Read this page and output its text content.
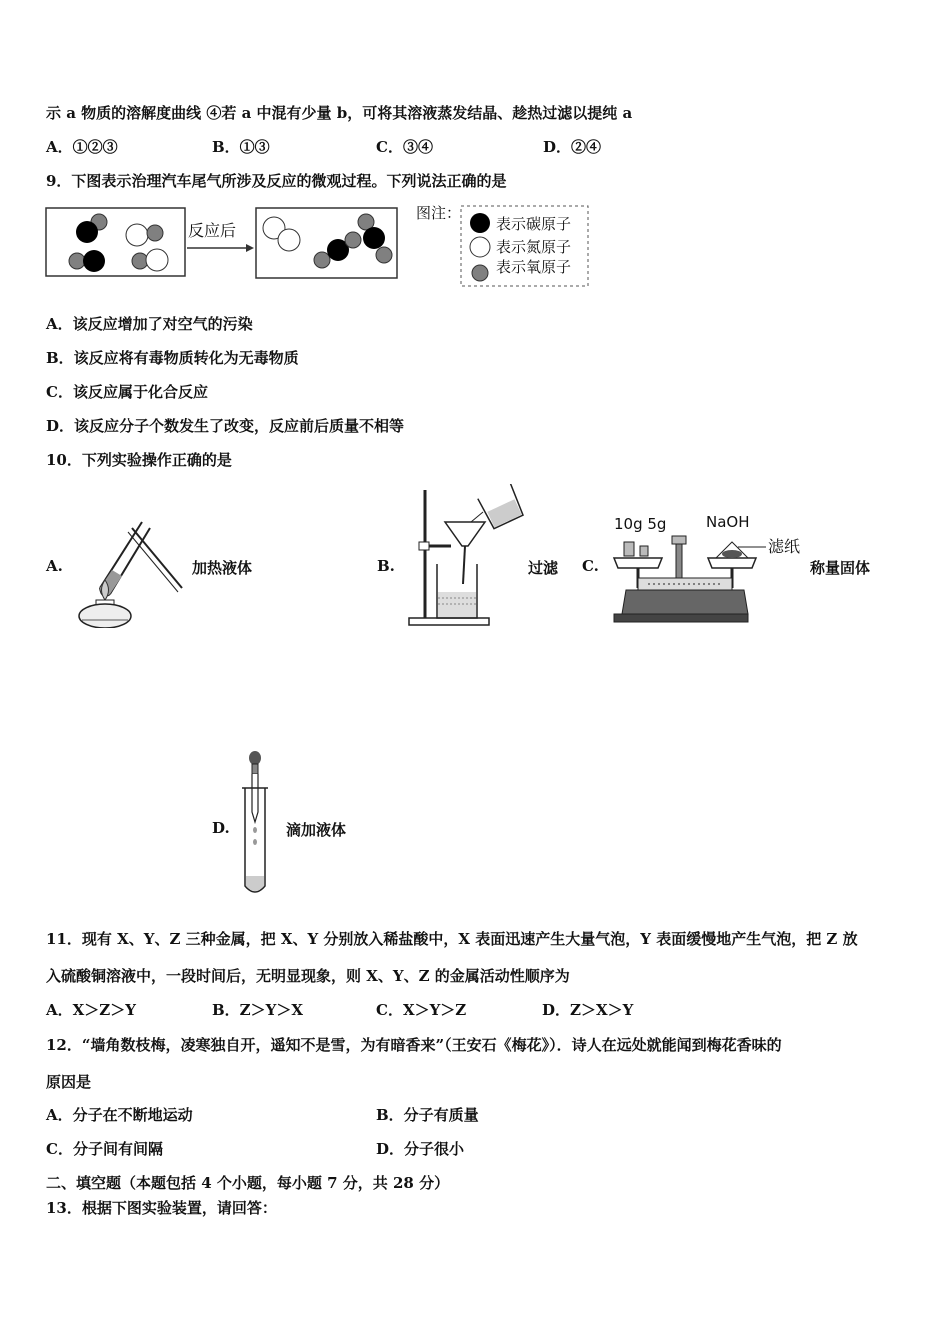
示 a 物质的溶解度曲线 ④若 a 中混有少量 b，可将其溶液蒸发结晶、趁热过滤以提纯 a
A．①②③	B．①③	C．③④	D．②④
9．下图表示治理汽车尾气所涉及反应的微观过程。下列说法正确的是
反应后
图注：
表示碳原子
表示氮原子
表示氧原子
A．该反应增加了对空气的污染
B．该反应将有毒物质转化为无毒物质
C．该反应属于化合反应
D．该反应分子个数发生了改变，反应前后质量不相等
10．下列实验操作正确的是
A.	加热液体	B.	过滤 C.
10g 5g	NaOH
滤纸
称量固体
D.	滴加液体
11．现有 X、Y、Z 三种金属，把 X、Y 分别放入稀盐酸中，X 表面迅速产生大量气泡，Y 表面缓慢地产生气泡，把 Z 放
入硫酸铜溶液中，一段时间后，无明显现象，则 X、Y、Z 的金属活动性顺序为
A．X＞Z＞Y	B．Z＞Y＞X	C．X＞Y＞Z	D．Z＞X＞Y
12．“墙角数枝梅，凌寒独自开，遥知不是雪，为有暗香来”（王安石《梅花》）．诗人在远处就能闻到梅花香味的
原因是
A．分子在不断地运动	B．分子有质量
C．分子间有间隔	D．分子很小
二、填空题（本题包括 4 个小题，每小题 7 分，共 28 分）
13．根据下图实验装置，请回答：
